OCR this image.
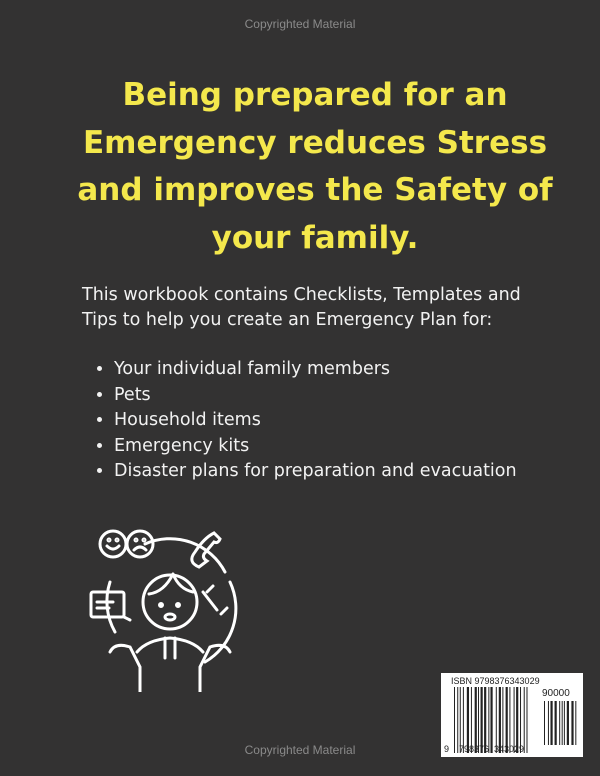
Copyrighted Material
Being prepared for an
Emergency reduces Stress
and improves the Safety of
your family.
This workbook contains Checklists, Templates and
Tips to help you create an Emergency Plan for:
• Your individual family members
• Pets
• Household items
• Emergency kits
• Disaster plans for preparation and evacuation
ISBN 9798376343029
90000
9 798376 343029
Copyrighted Material
